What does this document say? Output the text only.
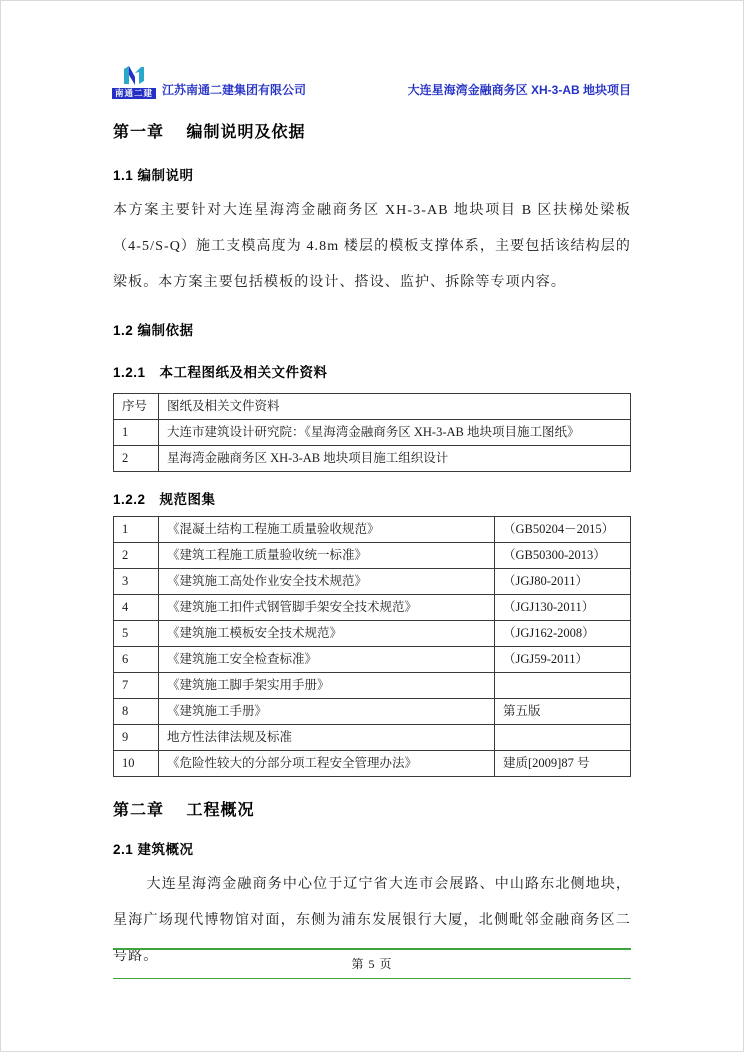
南通二建 江苏南通二建集团有限公司	大连星海湾金融商务区 XH-3-AB 地块项目
第一章　 编制说明及依据
1.1 编制说明

本方案主要针对大连星海湾金融商务区 XH-3-AB 地块项目 B 区扶梯处梁板（4-5/S-Q）施工支模高度为 4.8m 楼层的模板支撑体系，主要包括该结构层的梁板。本方案主要包括模板的设计、搭设、监护、拆除等专项内容。

1.2 编制依据
1.2.1　本工程图纸及相关文件资料
序号	图纸及相关文件资料
1	大连市建筑设计研究院：《星海湾金融商务区 XH-3-AB 地块项目施工图纸》
2	星海湾金融商务区 XH-3-AB 地块项目施工组织设计
1.2.2　规范图集
1	《混凝土结构工程施工质量验收规范》	（GB50204－2015）
2	《建筑工程施工质量验收统一标准》	（GB50300-2013）
3	《建筑施工高处作业安全技术规范》	（JGJ80-2011）
4	《建筑施工扣件式钢管脚手架安全技术规范》	（JGJ130-2011）
5	《建筑施工模板安全技术规范》	（JGJ162-2008）
6	《建筑施工安全检查标准》	（JGJ59-2011）
7	《建筑施工脚手架实用手册》	
8	《建筑施工手册》	第五版
9	地方性法律法规及标准	
10	《危险性较大的分部分项工程安全管理办法》	建质[2009]87 号
第二章　 工程概况
2.1 建筑概况

大连星海湾金融商务中心位于辽宁省大连市会展路、中山路东北侧地块，星海广场现代博物馆对面，东侧为浦东发展银行大厦，北侧毗邻金融商务区二号路。	第 5 页
